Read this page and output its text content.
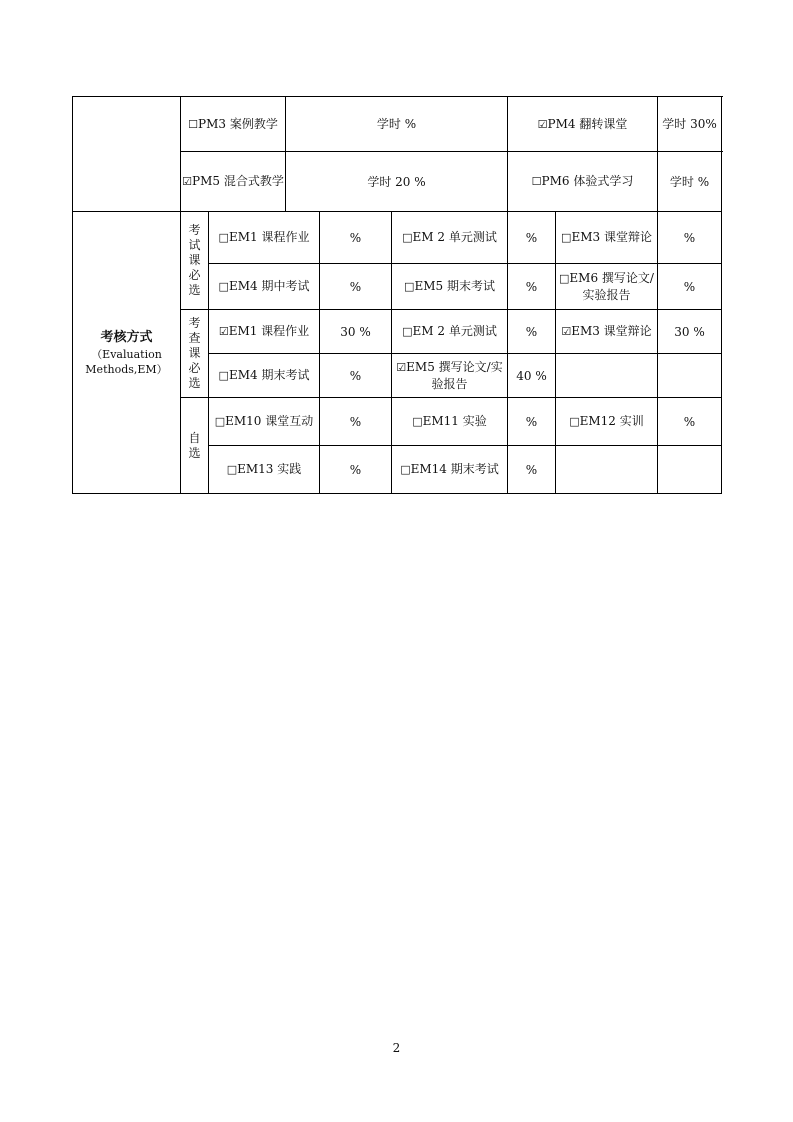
	☐PM3 案例教学		学时 %			☑PM4 翻转课堂		学时 30%
	☑PM5 混合式教学		学时 20 %			☐PM6 体验式学习		学时 %

考核方式
（Evaluation Methods,EM）	考试课必选	□EM1 课程作业		%	□EM 2 单元测试	%	□EM3 课堂辩论	%
		□EM4 期中考试		%	□EM5 期末考试	%	□EM6 撰写论文/实验报告	%
	考查课必选	☑EM1 课程作业		30 %	□EM 2 单元测试	%	☑EM3 课堂辩论	30 %
		□EM4 期末考试		%	☑EM5 撰写论文/实验报告	40 %		
	自选	□EM10 课堂互动		%	□EM11 实验	%	□EM12 实训	%
		□EM13 实践		%	□EM14 期末考试	%		
2
